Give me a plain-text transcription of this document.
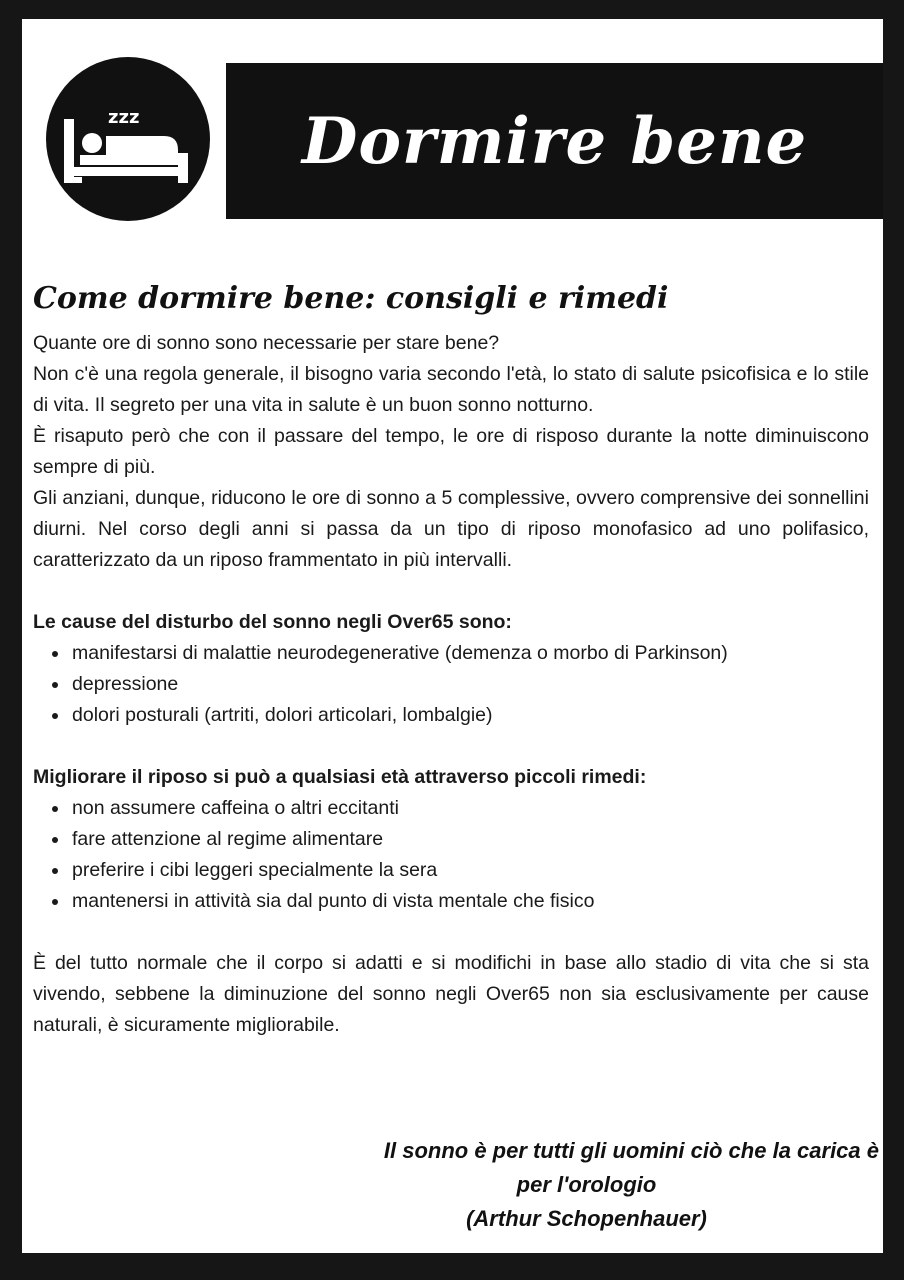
zzz	Dormire bene
Come dormire bene: consigli e rimedi

Quante ore di sonno sono necessarie per stare bene?

Non c'è una regola generale, il bisogno varia secondo l'età, lo stato di salute psicofisica e lo stile di vita. Il segreto per una vita in salute è un buon sonno notturno.

È risaputo però che con il passare del tempo, le ore di risposo durante la notte diminuiscono sempre di più.

Gli anziani, dunque, riducono le ore di sonno a 5 complessive, ovvero comprensive dei sonnellini diurni. Nel corso degli anni si passa da un tipo di riposo monofasico ad uno polifasico, caratterizzato da un riposo frammentato in più intervalli.

Le cause del disturbo del sonno negli Over65 sono:

• manifestarsi di malattie neurodegenerative (demenza o morbo di Parkinson)
• depressione
• dolori posturali (artriti, dolori articolari, lombalgie)

Migliorare il riposo si può a qualsiasi età attraverso piccoli rimedi:

• non assumere caffeina o altri eccitanti
• fare attenzione al regime alimentare
• preferire i cibi leggeri specialmente la sera
• mantenersi in attività sia dal punto di vista mentale che fisico

È del tutto normale che il corpo si adatti e si modifichi in base allo stadio di vita che si sta vivendo, sebbene la diminuzione del sonno negli Over65 non sia esclusivamente per cause naturali, è sicuramente migliorabile.

Il sonno è per tutti gli uomini ciò che la carica è
per l'orologio
(Arthur Schopenhauer)
